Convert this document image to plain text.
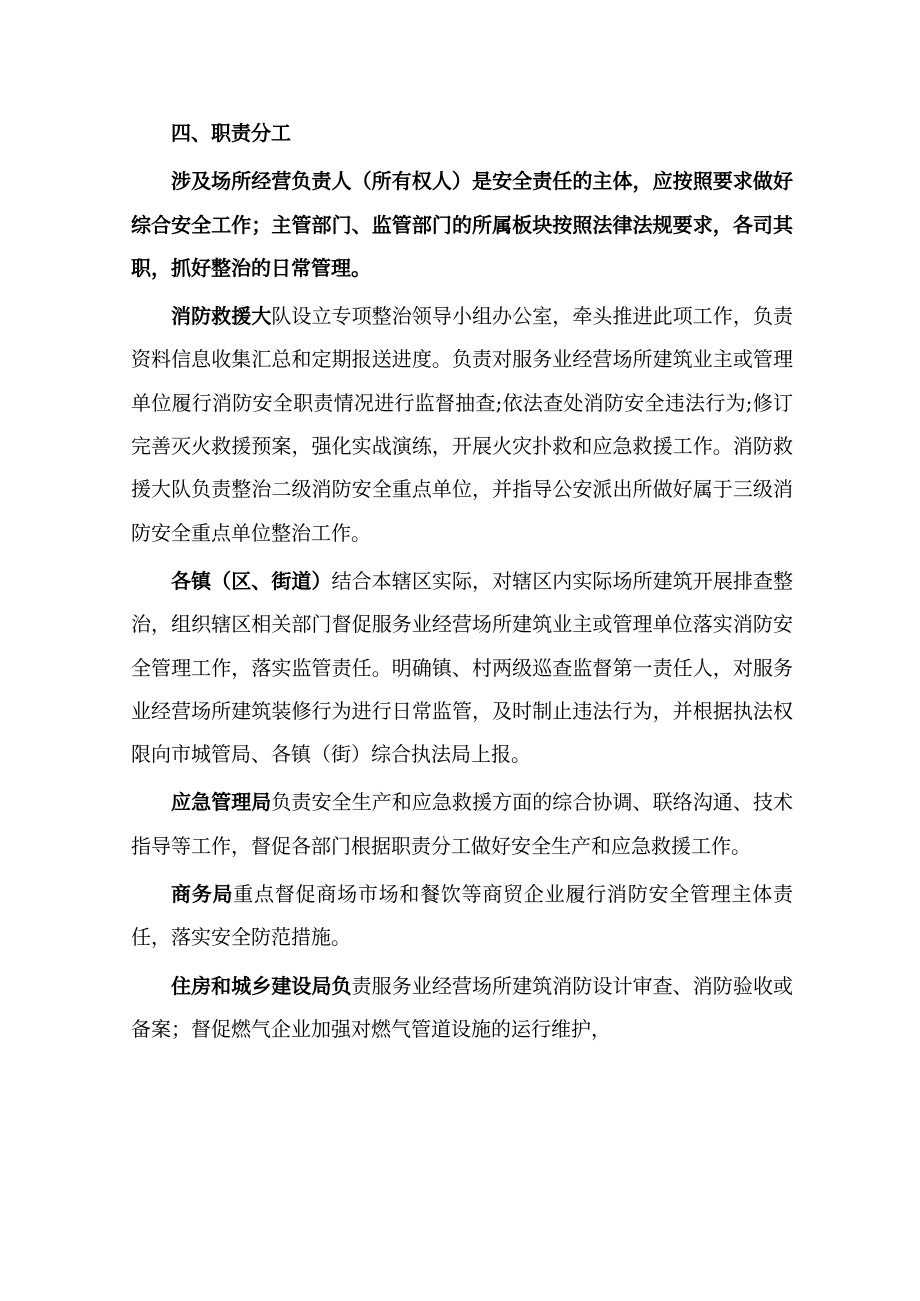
四、职责分工

涉及场所经营负责人（所有权人）是安全责任的主体，应按照要求做好综合安全工作；主管部门、监管部门的所属板块按照法律法规要求，各司其职，抓好整治的日常管理。

消防救援大队设立专项整治领导小组办公室，牵头推进此项工作，负责资料信息收集汇总和定期报送进度。负责对服务业经营场所建筑业主或管理单位履行消防安全职责情况进行监督抽查;依法查处消防安全违法行为;修订完善灭火救援预案，强化实战演练，开展火灾扑救和应急救援工作。消防救援大队负责整治二级消防安全重点单位，并指导公安派出所做好属于三级消防安全重点单位整治工作。

各镇（区、街道）结合本辖区实际，对辖区内实际场所建筑开展排查整治，组织辖区相关部门督促服务业经营场所建筑业主或管理单位落实消防安全管理工作，落实监管责任。明确镇、村两级巡查监督第一责任人，对服务业经营场所建筑装修行为进行日常监管，及时制止违法行为，并根据执法权限向市城管局、各镇（街）综合执法局上报。

应急管理局负责安全生产和应急救援方面的综合协调、联络沟通、技术指导等工作，督促各部门根据职责分工做好安全生产和应急救援工作。

商务局重点督促商场市场和餐饮等商贸企业履行消防安全管理主体责任，落实安全防范措施。

住房和城乡建设局负责服务业经营场所建筑消防设计审查、消防验收或备案；督促燃气企业加强对燃气管道设施的运行维护，
